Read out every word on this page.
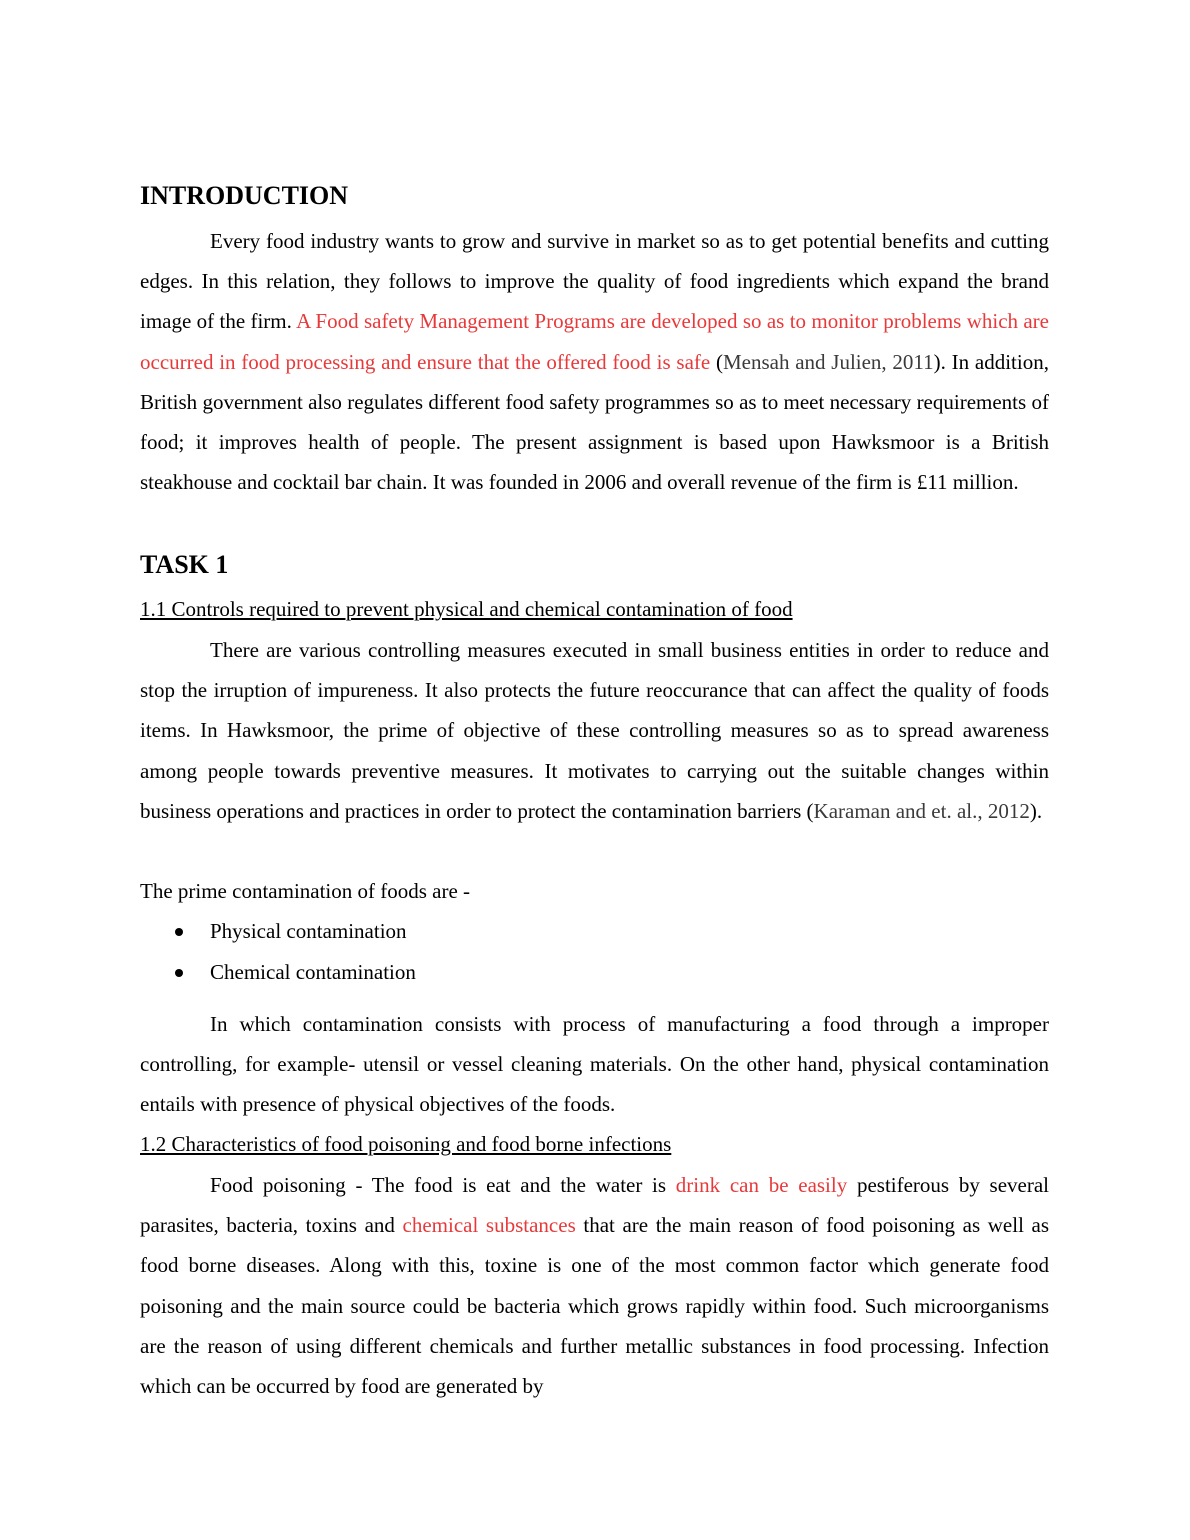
INTRODUCTION

Every food industry wants to grow and survive in market so as to get potential benefits and cutting edges. In this relation, they follows to improve the quality of food ingredients which expand the brand image of the firm. A Food safety Management Programs are developed so as to monitor problems which are occurred in food processing and ensure that the offered food is safe (Mensah and Julien, 2011). In addition, British government also regulates different food safety programmes so as to meet necessary requirements of food; it improves health of people. The present assignment is based upon Hawksmoor is a British steakhouse and cocktail bar chain. It was founded in 2006 and overall revenue of the firm is £11 million.

TASK 1
1.1 Controls required to prevent physical and chemical contamination of food

There are various controlling measures executed in small business entities in order to reduce and stop the irruption of impureness. It also protects the future reoccurance that can affect the quality of foods items. In Hawksmoor, the prime of objective of these controlling measures so as to spread awareness among people towards preventive measures. It motivates to carrying out the suitable changes within business operations and practices in order to protect the contamination barriers (Karaman and et. al., 2012).

The prime contamination of foods are -

Physical contamination
Chemical contamination

In which contamination consists with process of manufacturing a food through a improper controlling, for example- utensil or vessel cleaning materials. On the other hand, physical contamination entails with presence of physical objectives of the foods.

1.2 Characteristics of food poisoning and food borne infections

Food poisoning - The food is eat and the water is drink can be easily pestiferous by several parasites, bacteria, toxins and chemical substances that are the main reason of food poisoning as well as food borne diseases. Along with this, toxine is one of the most common factor which generate food poisoning and the main source could be bacteria which grows rapidly within food. Such microorganisms are the reason of using different chemicals and further metallic substances in food processing. Infection which can be occurred by food are generated by
